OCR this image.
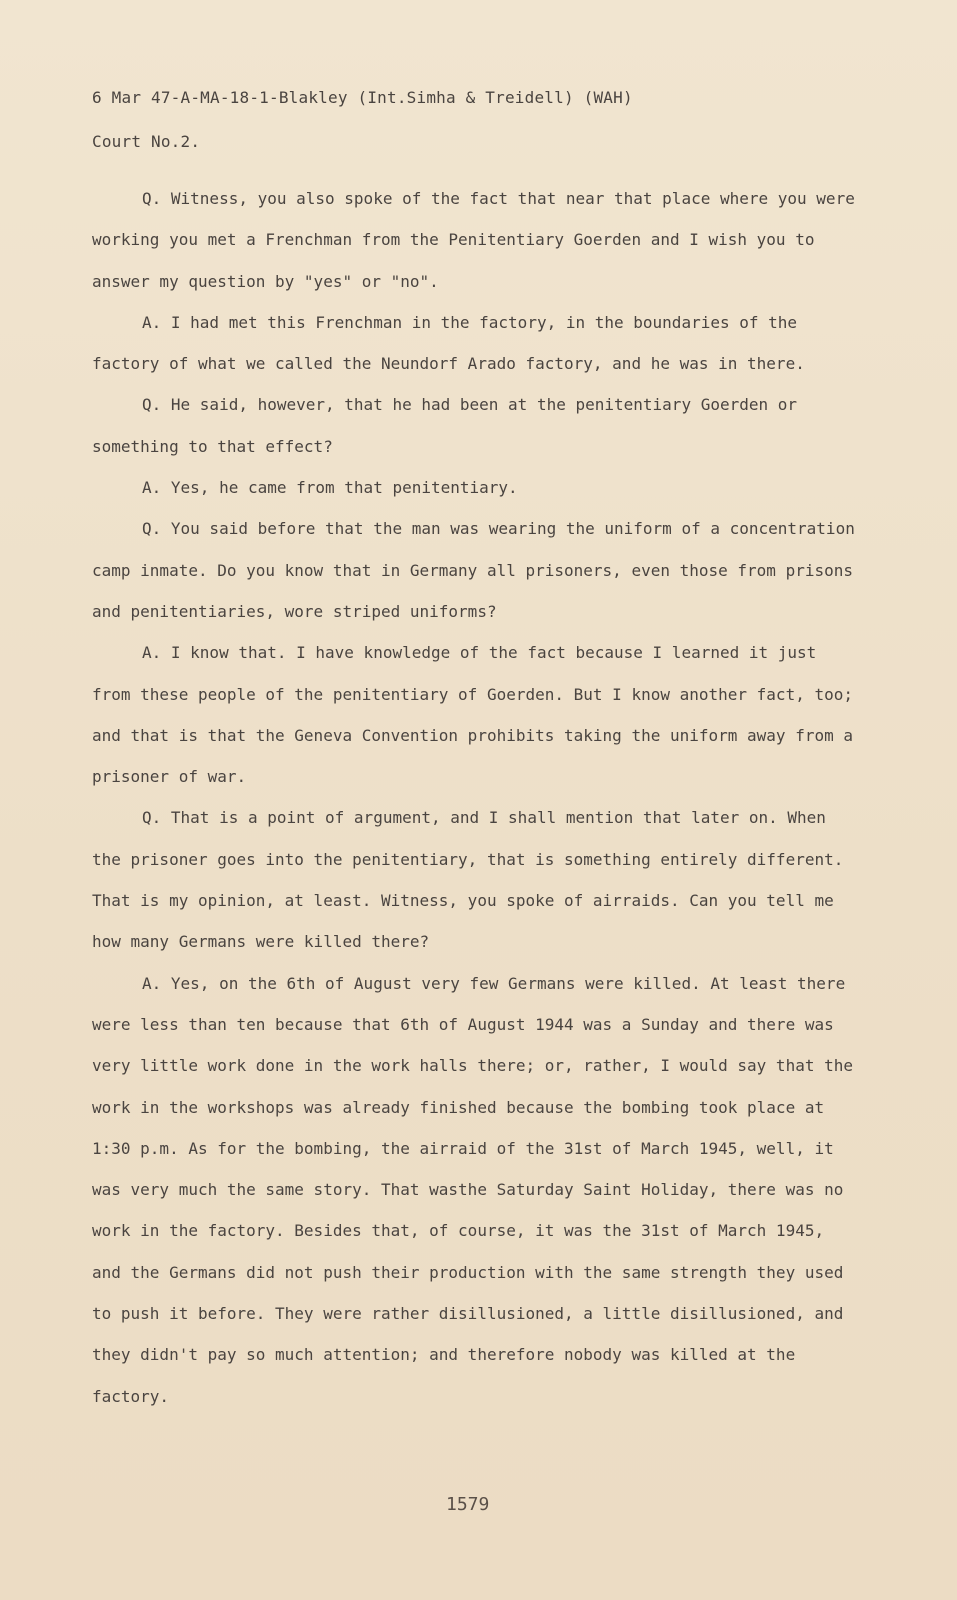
6 Mar 47-A-MA-18-1-Blakley (Int.Simha & Treidell) (WAH)
Court No.2.

Q. Witness, you also spoke of the fact that near that place where you were working you met a Frenchman from the Penitentiary Goerden and I wish you to answer my question by "yes" or "no".

A. I had met this Frenchman in the factory, in the boundaries of the factory of what we called the Neundorf Arado factory, and he was in there.

Q. He said, however, that he had been at the penitentiary Goerden or something to that effect?

A. Yes, he came from that penitentiary.

Q. You said before that the man was wearing the uniform of a concentration camp inmate. Do you know that in Germany all prisoners, even those from prisons and penitentiaries, wore striped uniforms?

A. I know that. I have knowledge of the fact because I learned it just from these people of the penitentiary of Goerden. But I know another fact, too; and that is that the Geneva Convention prohibits taking the uniform away from a prisoner of war.

Q. That is a point of argument, and I shall mention that later on. When the prisoner goes into the penitentiary, that is something entirely different. That is my opinion, at least. Witness, you spoke of airraids. Can you tell me how many Germans were killed there?

A. Yes, on the 6th of August very few Germans were killed. At least there were less than ten because that 6th of August 1944 was a Sunday and there was very little work done in the work halls there; or, rather, I would say that the work in the workshops was already finished because the bombing took place at 1:30 p.m. As for the bombing, the airraid of the 31st of March 1945, well, it was very much the same story. That wasthe Saturday Saint Holiday, there was no work in the factory. Besides that, of course, it was the 31st of March 1945, and the Germans did not push their production with the same strength they used to push it before. They were rather disillusioned, a little disillusioned, and they didn't pay so much attention; and therefore nobody was killed at the factory.

1579
